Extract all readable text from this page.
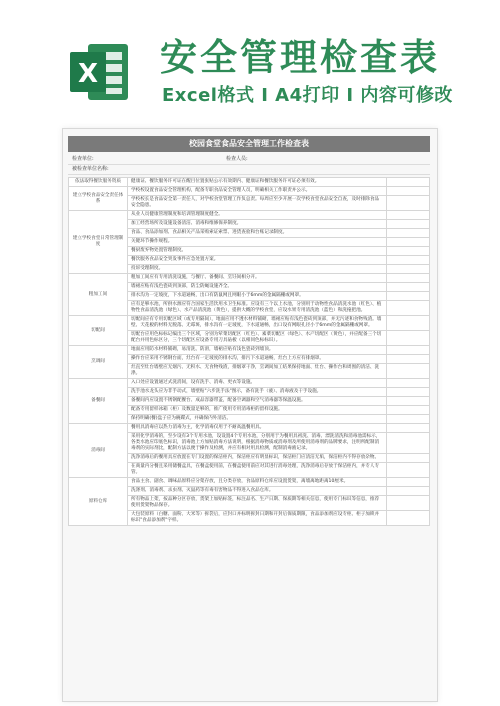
X 安全管理检查表
Excel格式 I A4打印 I 内容可修改
校园食堂食品安全管理工作检查表
检查单位:	检查人员:
被检查单位名称:
依法取得餐饮服务资质	健康证、餐饮服务许可证在醒目位置张贴公示有效期内、健康证和餐饮服务许可证必须有效。	
建立学校食品安全责任体系	学校校设置食品安全管理机构，配备专职食品安全管理人员，明确相关工作职责并公示。	
	学校校长是食品安全第一责任人，对学校食堂管理工作负总责。每周应至少开展一次学校食堂食品安全自查，及时排除食品安全隐患。	
建立学校食堂日常管理制度	从业人员健康管理制度和培训管理制度健全。	
	加工经营场所及设施设备清洁、消毒和维修保养制度。	
	食品、食品添加剂、食品相关产品采购索证索票、进货查验和台账记录制度。	
	关键环节操作规程。	
	餐厨废弃物处置管理制度。	
	餐饮服务食品安全突发事件应急处置方案。	
	投诉受理制度。	
粗加工间	粗加工间应有专用清洗设施，与餐厅、备餐间、烹饪间相分开。	
	墙裙应贴有浅色瓷砖到顶部，防尘防蝇设施齐全。	
	排水沟为一定坡度，下水道通畅，出口有防鼠网且网眼小于6mm的金属隔栅或网罩。	
	应有足够水池，所供水源应符合国家生活饮用水卫生标准。应设有三个以上水池，分别用于动物性食品清洗水池（红色）、植物性食品清洗池（绿色）、水产品清洗池（黄色），提供大概的学校食堂，应设水果专用清洗池（蓝色）和洗拖把池。	
切配间	切配间应有专用切配区域（或专用隔间），地面应用不透水材料铺砌，墙裙应贴有浅色瓷砖到顶部，并无污迹和食物残渣。墙壁、天花板的材料无脱落、无霉斑，排水沟有一定坡度，下水道通畅，出口设有网眼孔径小于6mm的金属隔栅或网罩。	
	切配台应用色标标记编出三个区域，分别为荤菜切配区（红色）、素菜切配区（绿色）、水产切配区（黄色），并应配备三个切配台并用色标区分，三个切配区应设备专用刀具砧板（以相同色标标识）。	
烹调间	地面应用防水材料铺砌，易清洗、防滑，墙裙应贴有浅色瓷砖到墙顶。	
	操作台应采用不锈钢台面，灶台有一定坡度的排水沟，排污下水道通畅，灶台上方应有排烟罩。	
	灶直至灶台墙壁应无烟污、无积水、无食物残渣，排烟罩干净，烹调间加工结果保持地面、灶台、操作台和周围的清洁、洗涤。	
备餐间	入口处应设置通过式洗消间，设有洗手、消毒、更衣等设施。	
	洗手池水龙头应为非手动式，墙壁贴"六步洗手法"图示，备有洗手（液）、消毒液及干手设施。	
	备餐间内应设置不锈钢配餐台、成品容器带盖，配备空调器和空气消毒器等保温设施。	
	配备专用留样冰箱（柜）及数量足够的，推广使用专用消毒柜的留样设施。	
	保持明确(餐)盘子应为碗碟式，并确保内外清洁。	
消毒间	餐用具消毒应以热力消毒为主，化学消毒仅用于不耐高温餐用具。	
	采用化学消毒的，至少设有3个专用水池，设设置4个专用水池，分别用于为餐用具初洗、消毒、漂洗清洗和消毒池需标示，各类水池应印底色标识，消毒池上方加贴消毒方法说明，根据消毒物质或消毒剂及所使用消毒剂的品牌要求，注明所配制消毒剂的实际剂比，配制方法以便于操作及检测，并应有相对用具检测，配制消毒液记录。	
	洗净消毒后的餐用具应放置在专门设置的保洁柜内，保洁柜应有明显标识，保洁柜门应清洁无垢，保洁柜内不得存放杂物。	
	在商量内分餐且采用储餐盒具，在餐盒使用前，在餐盒使用前应对其进行消毒处理，洗净消毒后存放于保洁柜内，并专人专管。	
原料仓库	食品主食、副食、调味品原料应分架存放，且分类存放，食品原料仓库应设置货架，离墙离地距离10厘米。	
	洗涤剂、消毒剂、杀虫剂、灭鼠药等有毒有害物品不得进入食品仓库。	
	所有物品上架，按品种分区存放，货架上加贴标签，标注品名、生产日期、保质期等相关信息，使用专门标识等信息，推荐使用货架物品保存。	
	大包装原料（白糖、面粉、大米等）拆袋后，应封口并标明拆封日期和开封后保质期限，食品添加剂应设专柜、柜子加锁并标识"食品添加剂"字样。	
